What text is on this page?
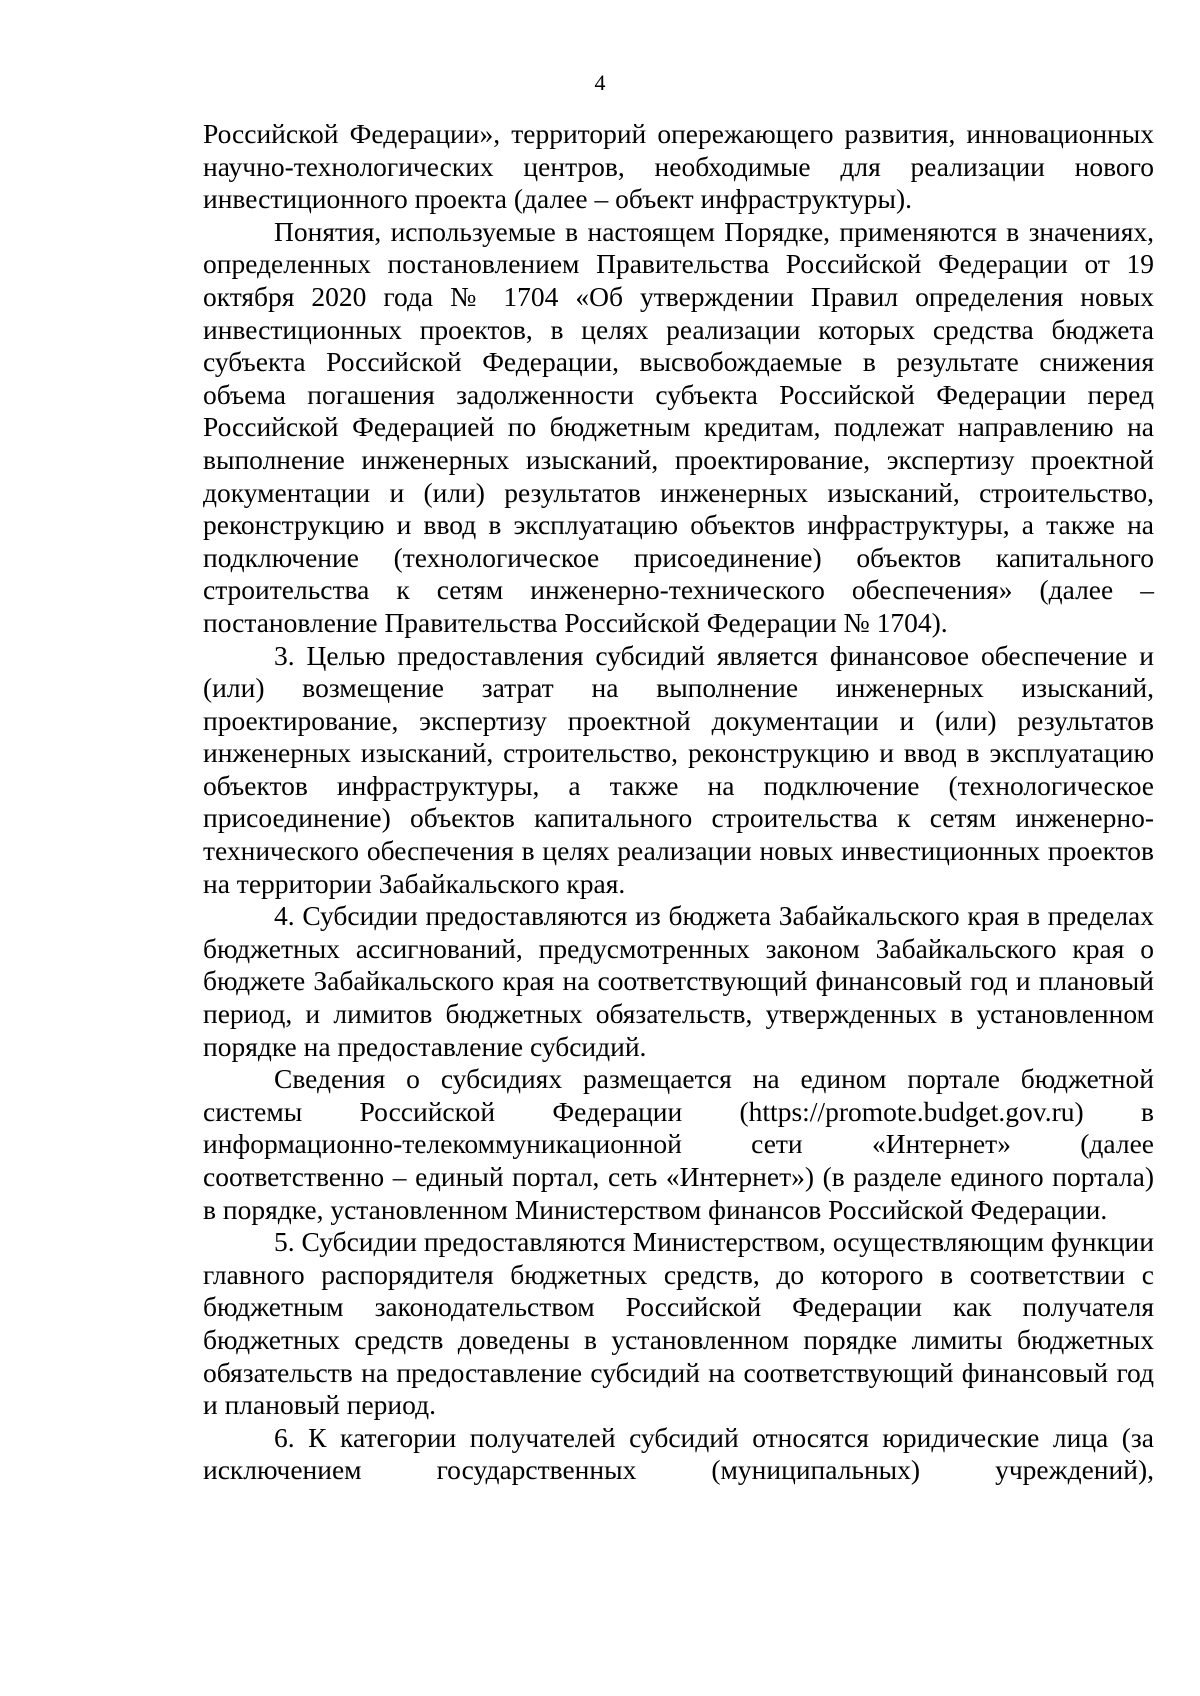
4

Российской Федерации», территорий опережающего развития, инновационных научно-технологических центров, необходимые для реализации нового инвестиционного проекта (далее – объект инфраструктуры).

Понятия, используемые в настоящем Порядке, применяются в значениях, определенных постановлением Правительства Российской Федерации от 19 октября 2020 года № 1704 «Об утверждении Правил определения новых инвестиционных проектов, в целях реализации которых средства бюджета субъекта Российской Федерации, высвобождаемые в результате снижения объема погашения задолженности субъекта Российской Федерации перед Российской Федерацией по бюджетным кредитам, подлежат направлению на выполнение инженерных изысканий, проектирование, экспертизу проектной документации и (или) результатов инженерных изысканий, строительство, реконструкцию и ввод в эксплуатацию объектов инфраструктуры, а также на подключение (технологическое присоединение) объектов капитального строительства к сетям инженерно-технического обеспечения» (далее – постановление Правительства Российской Федерации № 1704).

3. Целью предоставления субсидий является финансовое обеспечение и (или) возмещение затрат на выполнение инженерных изысканий, проектирование, экспертизу проектной документации и (или) результатов инженерных изысканий, строительство, реконструкцию и ввод в эксплуатацию объектов инфраструктуры, а также на подключение (технологическое присоединение) объектов капитального строительства к сетям инженерно-технического обеспечения в целях реализации новых инвестиционных проектов на территории Забайкальского края.

4. Субсидии предоставляются из бюджета Забайкальского края в пределах бюджетных ассигнований, предусмотренных законом Забайкальского края о бюджете Забайкальского края на соответствующий финансовый год и плановый период, и лимитов бюджетных обязательств, утвержденных в установленном порядке на предоставление субсидий.

Сведения о субсидиях размещается на едином портале бюджетной системы Российской Федерации (https://promote.budget.gov.ru) в информационно-телекоммуникационной сети «Интернет» (далее соответственно – единый портал, сеть «Интернет») (в разделе единого портала) в порядке, установленном Министерством финансов Российской Федерации.

5. Субсидии предоставляются Министерством, осуществляющим функции главного распорядителя бюджетных средств, до которого в соответствии с бюджетным законодательством Российской Федерации как получателя бюджетных средств доведены в установленном порядке лимиты бюджетных обязательств на предоставление субсидий на соответствующий финансовый год и плановый период.

6. К категории получателей субсидий относятся юридические лица (за исключением государственных (муниципальных) учреждений),
